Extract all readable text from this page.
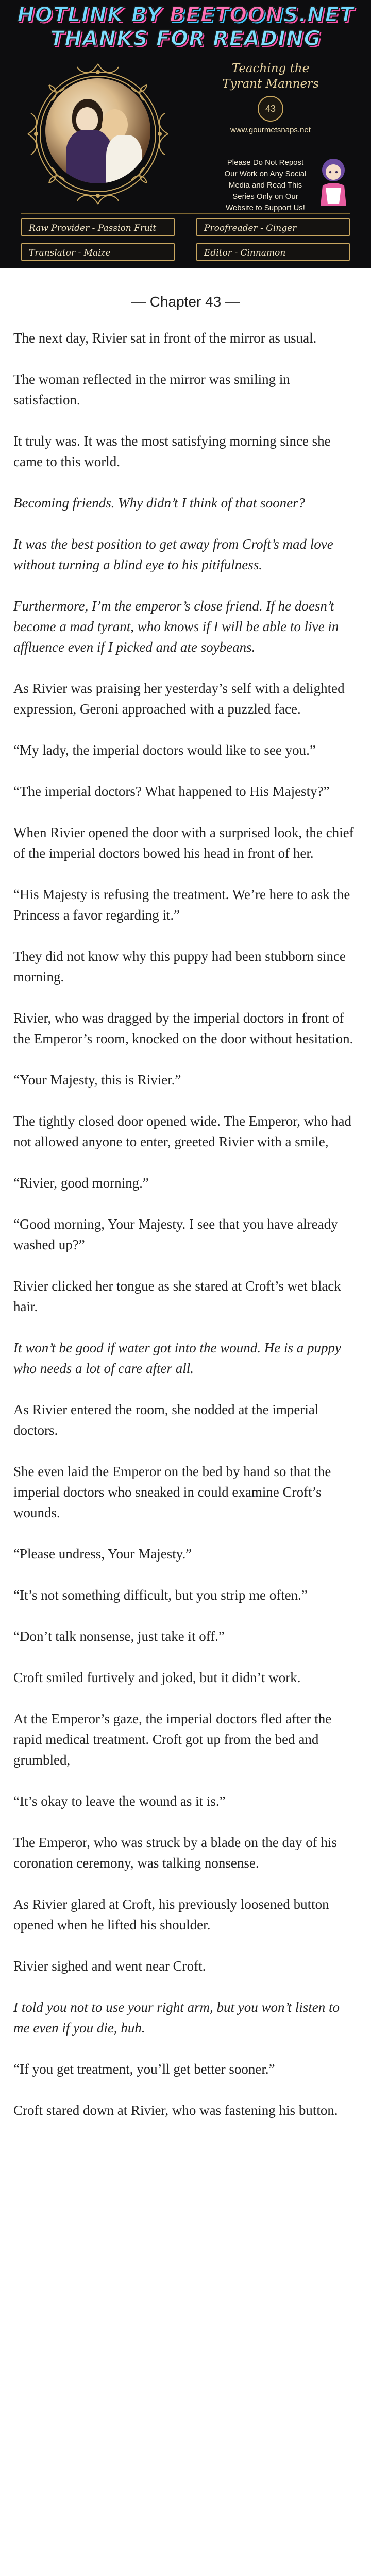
HOTLINK BY BEETOONS.NET
THANKS FOR READING
Teaching the
Tyrant Manners
43
www.gourmetsnaps.net
Please Do Not Repost
Our Work on Any Social
Media and Read This
Series Only on Our
Website to Support Us!
Raw Provider - Passion Fruit	Proofreader - Ginger
Translator - Maize	Editor - Cinnamon
— Chapter 43 —

The next day, Rivier sat in front of the mirror as usual.

The woman reflected in the mirror was smiling in satisfaction.

It truly was. It was the most satisfying morning since she came to this world.

Becoming friends. Why didn’t I think of that sooner?

It was the best position to get away from Croft’s mad love without turning a blind eye to his pitifulness.

Furthermore, I’m the emperor’s close friend. If he doesn’t become a mad tyrant, who knows if I will be able to live in affluence even if I picked and ate soybeans.

As Rivier was praising her yesterday’s self with a delighted expression, Geroni approached with a puzzled face.

“My lady, the imperial doctors would like to see you.”

“The imperial doctors? What happened to His Majesty?”

When Rivier opened the door with a surprised look, the chief of the imperial doctors bowed his head in front of her.

“His Majesty is refusing the treatment. We’re here to ask the Princess a favor regarding it.”

They did not know why this puppy had been stubborn since morning.

Rivier, who was dragged by the imperial doctors in front of the Emperor’s room, knocked on the door without hesitation.

“Your Majesty, this is Rivier.”

The tightly closed door opened wide. The Emperor, who had not allowed anyone to enter, greeted Rivier with a smile,

“Rivier, good morning.”

“Good morning, Your Majesty. I see that you have already washed up?”

Rivier clicked her tongue as she stared at Croft’s wet black hair.

It won’t be good if water got into the wound. He is a puppy who needs a lot of care after all.

As Rivier entered the room, she nodded at the imperial doctors.

She even laid the Emperor on the bed by hand so that the imperial doctors who sneaked in could examine Croft’s wounds.

“Please undress, Your Majesty.”

“It’s not something difficult, but you strip me often.”

“Don’t talk nonsense, just take it off.”

Croft smiled furtively and joked, but it didn’t work.

At the Emperor’s gaze, the imperial doctors fled after the rapid medical treatment. Croft got up from the bed and grumbled,

“It’s okay to leave the wound as it is.”

The Emperor, who was struck by a blade on the day of his coronation ceremony, was talking nonsense.

As Rivier glared at Croft, his previously loosened button opened when he lifted his shoulder.

Rivier sighed and went near Croft.

I told you not to use your right arm, but you won’t listen to me even if you die, huh.

“If you get treatment, you’ll get better sooner.”

Croft stared down at Rivier, who was fastening his button.
